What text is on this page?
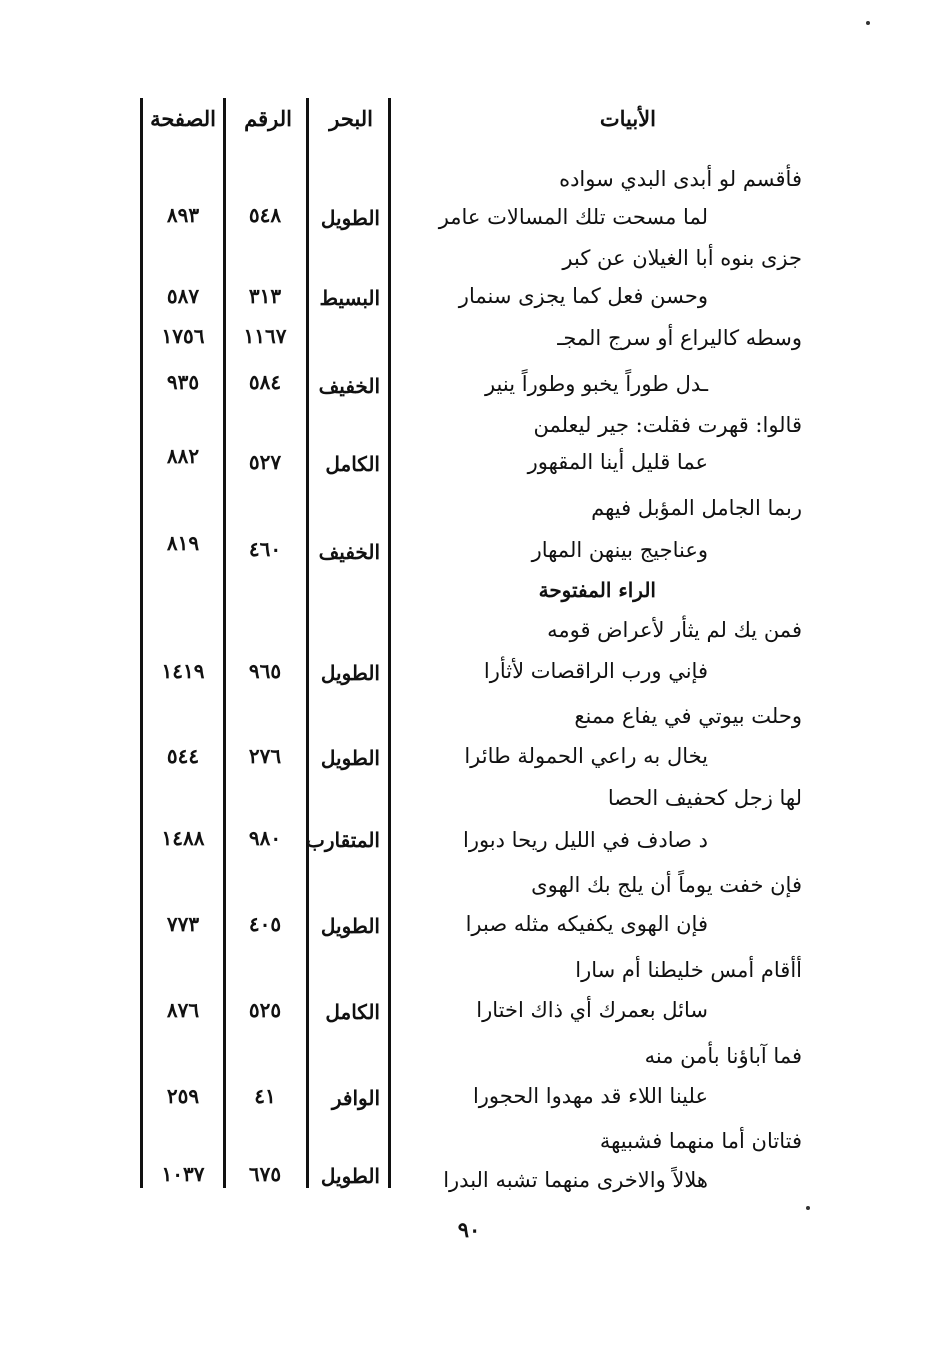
الأبيات
البحر
الرقم
الصفحة
فأقسم لو أبدى البدي سواده
لما مسحت تلك المسالات عامر
الطويل
٥٤٨
٨٩٣
جزى بنوه أبا الغيلان عن كبر
وحسن فعل كما يجزى سنمار
البسيط
٣١٣
٥٨٧
وسطه كاليراع أو سرج المجـ
١١٦٧
١٧٥٦
ـدل طوراً يخبو وطوراً ينير
الخفيف
٥٨٤
٩٣٥
قالوا: قهرت فقلت: جير ليعلمن
عما قليل أينا المقهور
الكامل
٥٢٧
٨٨٢
ربما الجامل المؤبل فيهم
وعناجيج بينهن المهار
الخفيف
٤٦٠
٨١٩
الراء المفتوحة
فمن يك لم يثأر لأعراض قومه
فإني ورب الراقصات لأثأرا
الطويل
٩٦٥
١٤١٩
وحلت بيوتي في يفاع ممنع
يخال به راعي الحمولة طائرا
الطويل
٢٧٦
٥٤٤
لها زجل كحفيف الحصا
د صادف في الليل ريحا دبورا
المتقارب
٩٨٠
١٤٨٨
فإن خفت يوماً أن يلج بك الهوى
فإن الهوى يكفيكه مثله صبرا
الطويل
٤٠٥
٧٧٣
أأقام أمس خليطنا أم سارا
سائل بعمرك أي ذاك اختارا
الكامل
٥٢٥
٨٧٦
فما آباؤنا بأمن منه
علينا اللاء قد مهدوا الحجورا
الوافر
٤١
٢٥٩
فتاتان أما منهما فشبيهة
هلالاً والاخرى منهما تشبه البدرا
الطويل
٦٧٥
١٠٣٧
٩٠
